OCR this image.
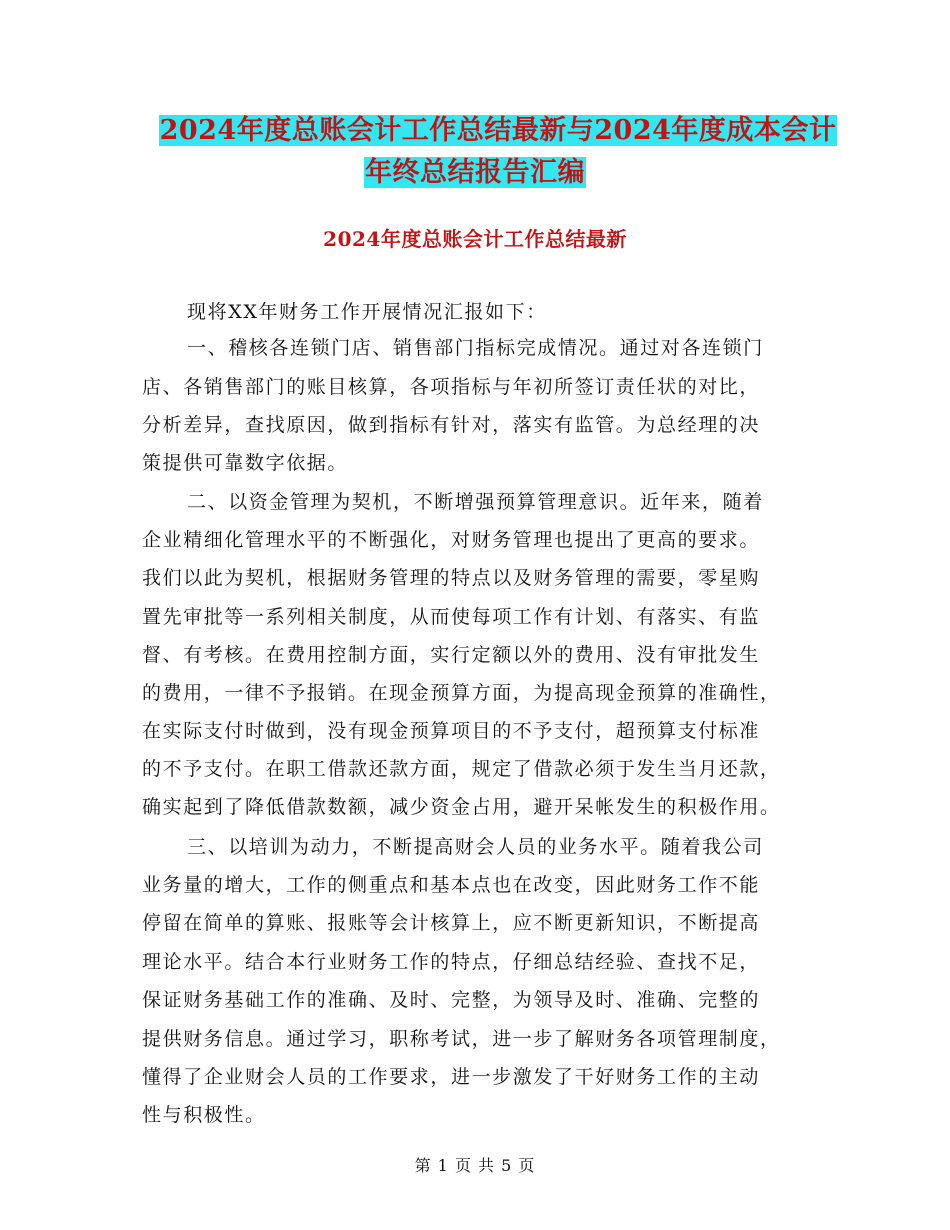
2024年度总账会计工作总结最新与2024年度成本会计
年终总结报告汇编
2024年度总账会计工作总结最新
现将XX年财务工作开展情况汇报如下：
一、稽核各连锁门店、销售部门指标完成情况。通过对各连锁门
店、各销售部门的账目核算，各项指标与年初所签订责任状的对比，
分析差异，查找原因，做到指标有针对，落实有监管。为总经理的决
策提供可靠数字依据。
二、以资金管理为契机，不断增强预算管理意识。近年来，随着
企业精细化管理水平的不断强化，对财务管理也提出了更高的要求。
我们以此为契机，根据财务管理的特点以及财务管理的需要，零星购
置先审批等一系列相关制度，从而使每项工作有计划、有落实、有监
督、有考核。在费用控制方面，实行定额以外的费用、没有审批发生
的费用，一律不予报销。在现金预算方面，为提高现金预算的准确性，
在实际支付时做到，没有现金预算项目的不予支付，超预算支付标准
的不予支付。在职工借款还款方面，规定了借款必须于发生当月还款，
确实起到了降低借款数额，减少资金占用，避开呆帐发生的积极作用。
三、以培训为动力，不断提高财会人员的业务水平。随着我公司
业务量的增大，工作的侧重点和基本点也在改变，因此财务工作不能
停留在简单的算账、报账等会计核算上，应不断更新知识，不断提高
理论水平。结合本行业财务工作的特点，仔细总结经验、查找不足，
保证财务基础工作的准确、及时、完整，为领导及时、准确、完整的
提供财务信息。通过学习，职称考试，进一步了解财务各项管理制度，
懂得了企业财会人员的工作要求，进一步激发了干好财务工作的主动
性与积极性。
第 1 页 共 5 页
